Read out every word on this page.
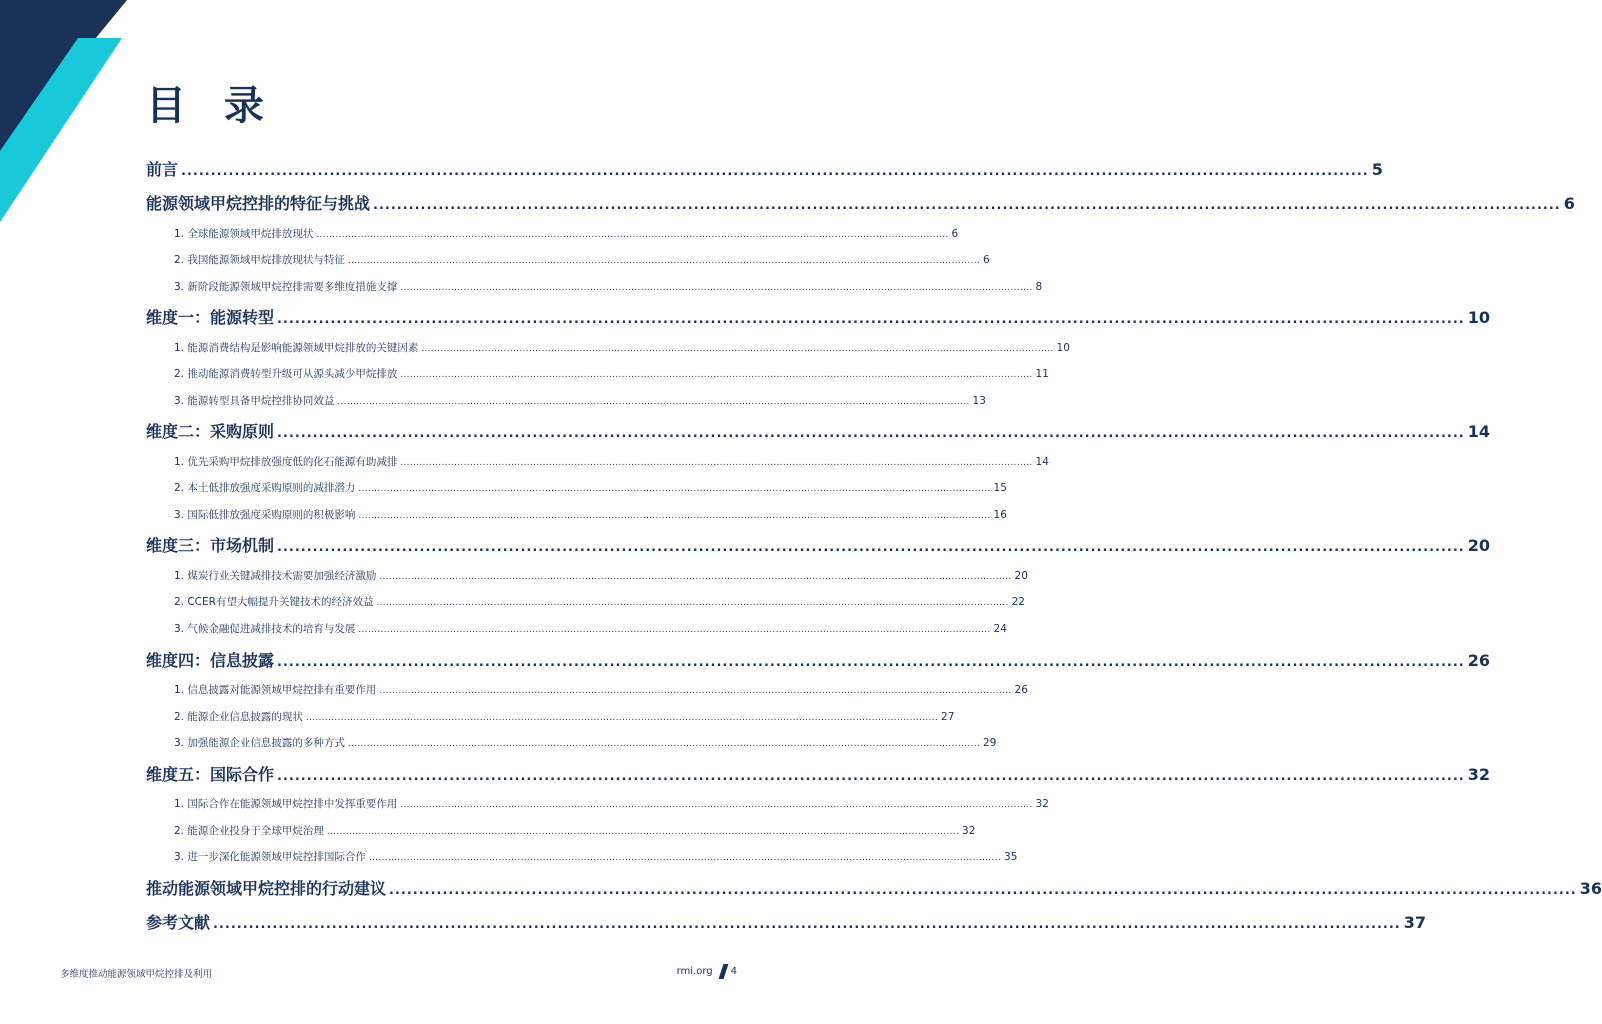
目 录
前言 ........................................................................................................................................................................................................ 5
能源领域甲烷控排的特征与挑战 ........................................................................................................................................................................................................ 6
1. 全球能源领域甲烷排放现状 ........................................................................................................................................................................................................ 6
2. 我国能源领域甲烷排放现状与特征 ........................................................................................................................................................................................................ 6
3. 新阶段能源领域甲烷控排需要多维度措施支撑 ........................................................................................................................................................................................................ 8
维度一：能源转型 ........................................................................................................................................................................................................ 10
1. 能源消费结构是影响能源领域甲烷排放的关键因素 ........................................................................................................................................................................................................ 10
2. 推动能源消费转型升级可从源头减少甲烷排放 ........................................................................................................................................................................................................ 11
3. 能源转型具备甲烷控排协同效益 ........................................................................................................................................................................................................ 13
维度二：采购原则 ........................................................................................................................................................................................................ 14
1. 优先采购甲烷排放强度低的化石能源有助减排 ........................................................................................................................................................................................................ 14
2. 本土低排放强度采购原则的减排潜力 ........................................................................................................................................................................................................ 15
3. 国际低排放强度采购原则的积极影响 ........................................................................................................................................................................................................ 16
维度三：市场机制 ........................................................................................................................................................................................................ 20
1. 煤炭行业关键减排技术需要加强经济激励 ........................................................................................................................................................................................................ 20
2. CCER有望大幅提升关键技术的经济效益 ........................................................................................................................................................................................................ 22
3. 气候金融促进减排技术的培育与发展 ........................................................................................................................................................................................................ 24
维度四：信息披露 ........................................................................................................................................................................................................ 26
1. 信息披露对能源领域甲烷控排有重要作用 ........................................................................................................................................................................................................ 26
2. 能源企业信息披露的现状 ........................................................................................................................................................................................................ 27
3. 加强能源企业信息披露的多种方式 ........................................................................................................................................................................................................ 29
维度五：国际合作 ........................................................................................................................................................................................................ 32
1. 国际合作在能源领域甲烷控排中发挥重要作用 ........................................................................................................................................................................................................ 32
2. 能源企业投身于全球甲烷治理 ........................................................................................................................................................................................................ 32
3. 进一步深化能源领域甲烷控排国际合作 ........................................................................................................................................................................................................ 35
推动能源领域甲烷控排的行动建议 ........................................................................................................................................................................................................ 36
参考文献 ........................................................................................................................................................................................................ 37
多维度推动能源领域甲烷控排及利用	rmi.org 4
